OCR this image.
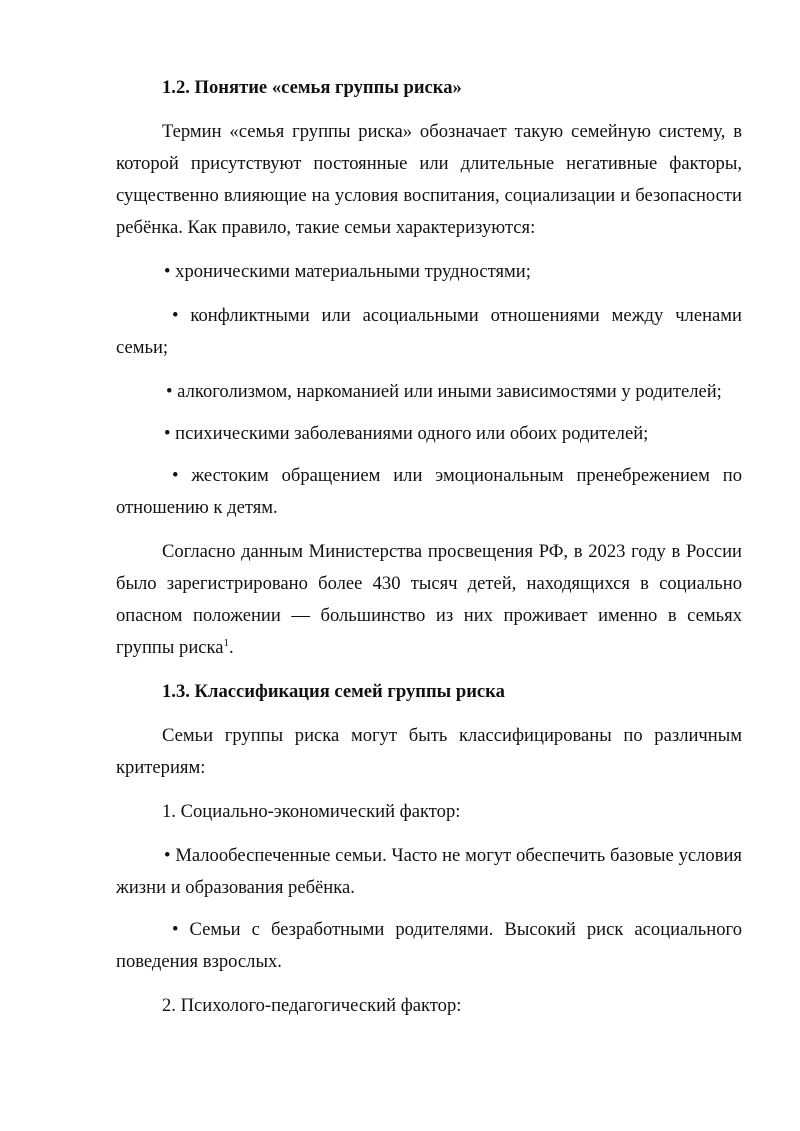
1.2. Понятие «семья группы риска»

Термин «семья группы риска» обозначает такую семейную систему, в которой присутствуют постоянные или длительные негативные факторы, существенно влияющие на условия воспитания, социализации и безопасности ребёнка. Как правило, такие семьи характеризуются:

• хроническими материальными трудностями;

• конфликтными или асоциальными отношениями между членами семьи;

• алкоголизмом, наркоманией или иными зависимостями у родителей;

• психическими заболеваниями одного или обоих родителей;

• жестоким обращением или эмоциональным пренебрежением по отношению к детям.

Согласно данным Министерства просвещения РФ, в 2023 году в России было зарегистрировано более 430 тысяч детей, находящихся в социально опасном положении — большинство из них проживает именно в семьях группы риска$^1$.

1.3. Классификация семей группы риска

Семьи группы риска могут быть классифицированы по различным критериям:

1. Социально-экономический фактор:

• Малообеспеченные семьи. Часто не могут обеспечить базовые условия жизни и образования ребёнка.

• Семьи с безработными родителями. Высокий риск асоциального поведения взрослых.

2. Психолого-педагогический фактор:
